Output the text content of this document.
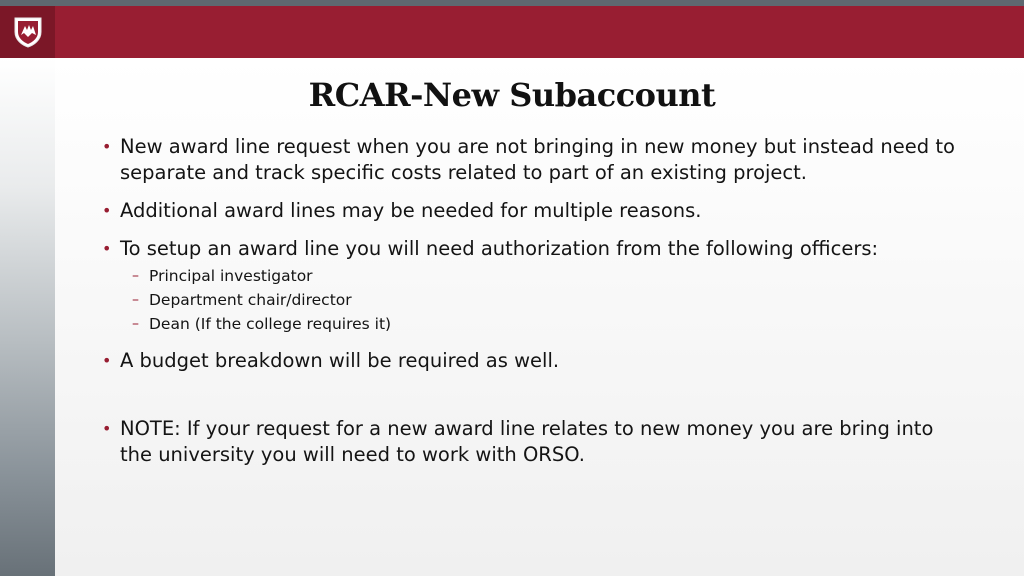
RCAR-New Subaccount
• New award line request when you are not bringing in new money but instead need to separate and track specific costs related to part of an existing project.
• Additional award lines may be needed for multiple reasons.
• To setup an award line you will need authorization from the following officers:
– Principal investigator
– Department chair/director
– Dean (If the college requires it)
• A budget breakdown will be required as well.
• NOTE: If your request for a new award line relates to new money you are bring into the university you will need to work with ORSO.
